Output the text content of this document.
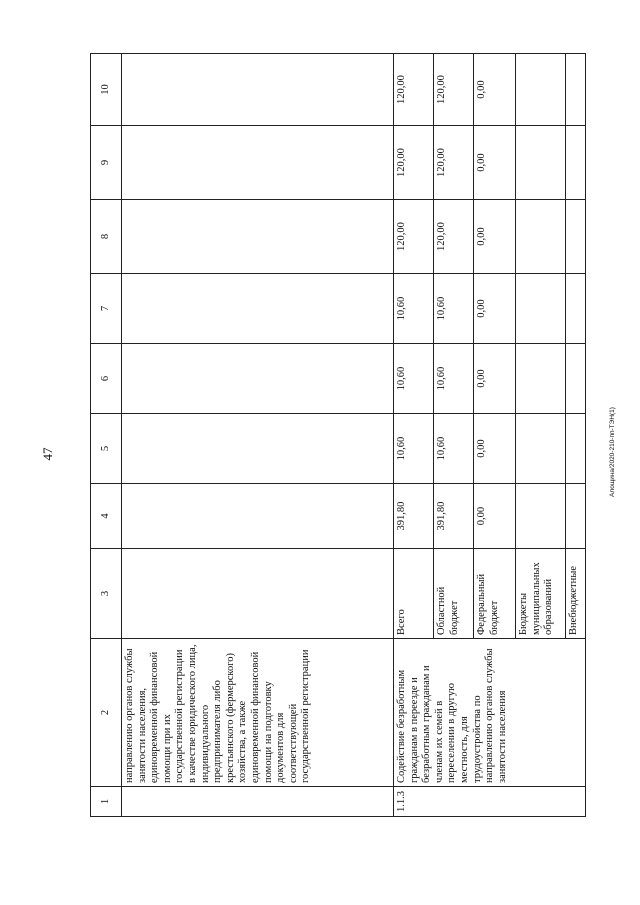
47
1	2	3	4	5	6	7	8	9	10
	направлению органов службы занятости населения, единовременной финансовой помощи при их государственной регистрации в качестве юридического лица, индивидуального предпринимателя либо крестьянского (фермерского) хозяйства, а также единовременной финансовой помощи на подготовку документов для соответствующей государственной регистрации								
1.1.3	Содействие безработным гражданам в переезде и безработным гражданам и членам их семей в переселении в другую местность, для трудоустройства по направлению органов службы занятости населения	Всего	391,80	10,60	10,60	10,60	120,00	120,00	120,00
		Областной бюджет	391,80	10,60	10,60	10,60	120,00	120,00	120,00
		Федеральный бюджет	0,00	0,00	0,00	0,00	0,00	0,00	0,00
		Бюджеты муниципальных образований							
		Внебюджетные							
Алощина/2020-210-пп-ТЭН(1)
